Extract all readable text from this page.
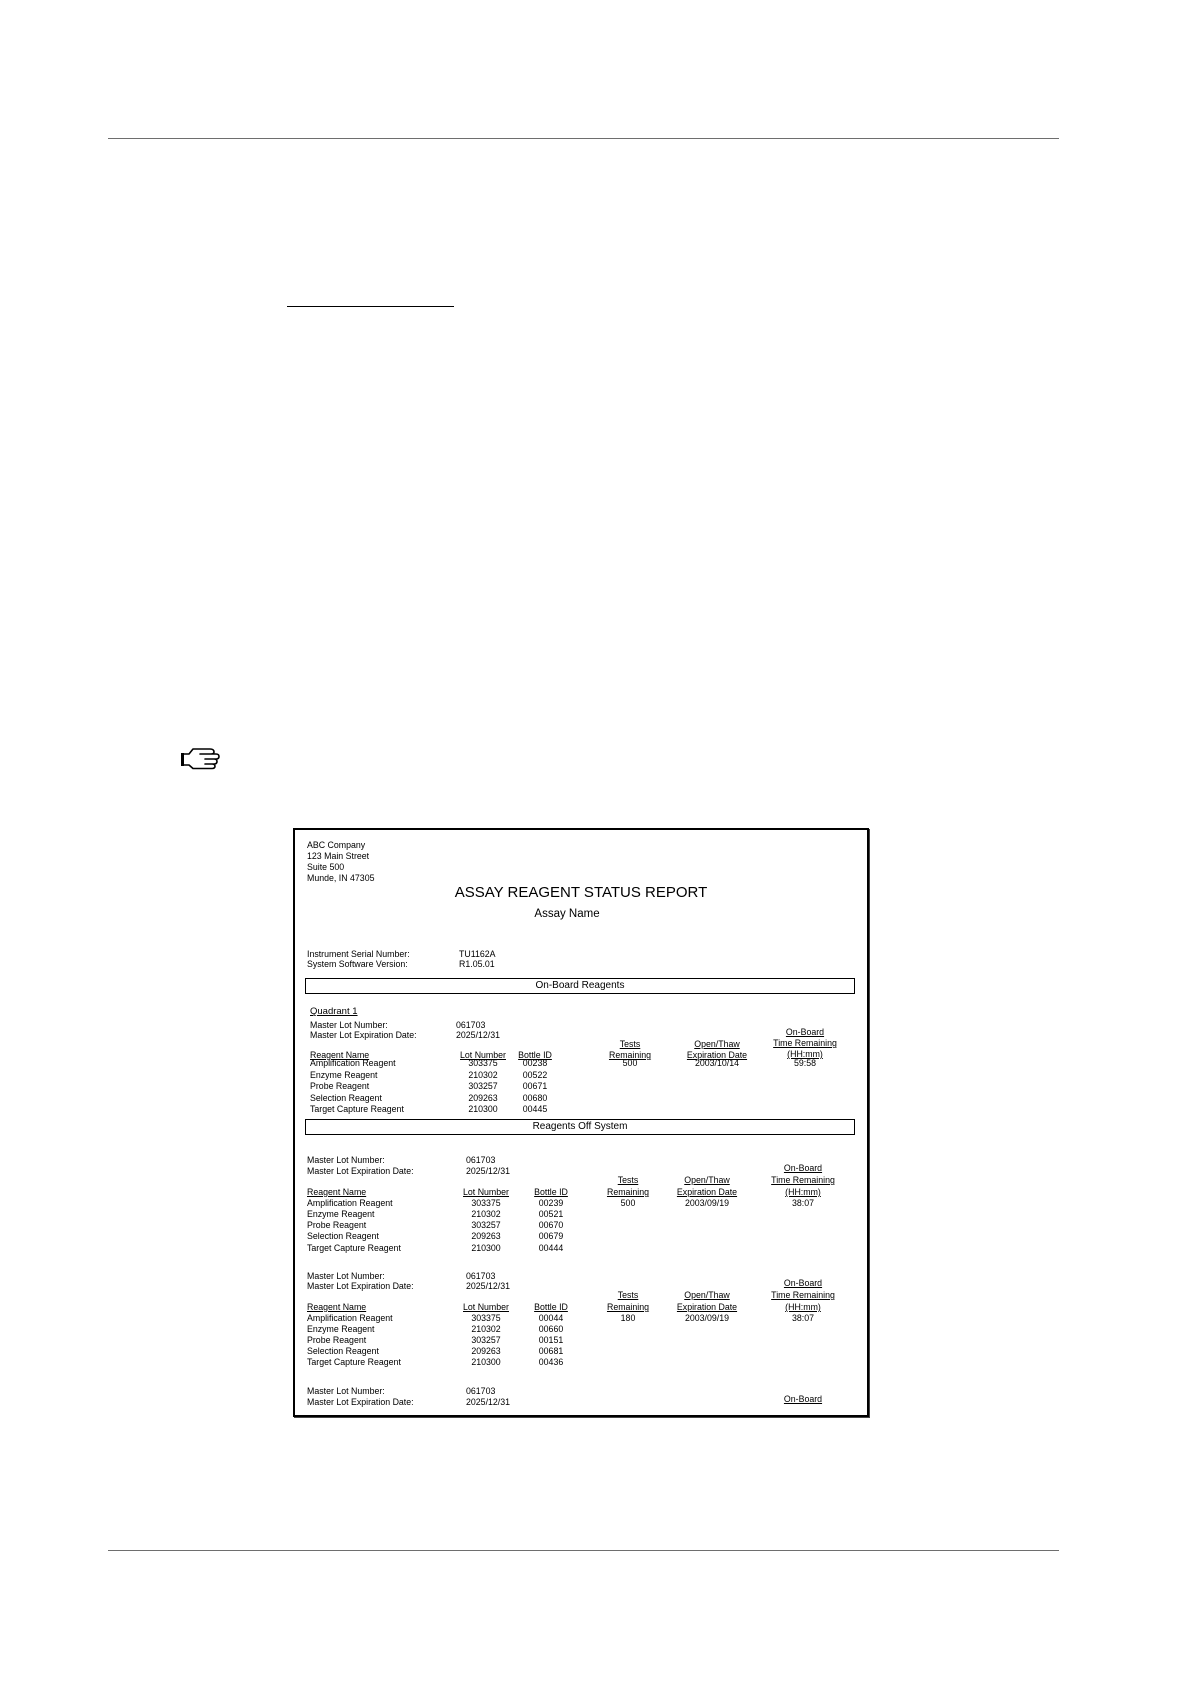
ABC Company
123 Main Street
Suite 500
Munde, IN 47305
ASSAY REAGENT STATUS REPORT
Assay Name
Instrument Serial Number:	TU1162A
System Software Version:	R1.05.01
On-Board Reagents
Quadrant 1
Master Lot Number:	061703
Master Lot Expiration Date:	2025/12/31	On-Board
Tests	Open/Thaw	Time Remaining
Reagent Name	Lot Number Bottle ID	Remaining	Expiration Date	(HH:mm)
Amplification Reagent	303375	00238	500	2003/10/14	59:58
Enzyme Reagent	210302	00522
Probe Reagent	303257	00671
Selection Reagent	209263	00680
Target Capture Reagent	210300	00445
Reagents Off System
Master Lot Number:	061703
Master Lot Expiration Date:	2025/12/31	On-Board
Tests	Open/Thaw	Time Remaining
Reagent Name	Lot Number	Bottle ID	Remaining	Expiration Date	(HH:mm)
Amplification Reagent	303375	00239	500	2003/09/19	38:07
Enzyme Reagent	210302	00521
Probe Reagent	303257	00670
Selection Reagent	209263	00679
Target Capture Reagent	210300	00444
Master Lot Number:	061703
Master Lot Expiration Date:	2025/12/31	On-Board
Tests	Open/Thaw	Time Remaining
Reagent Name	Lot Number	Bottle ID	Remaining	Expiration Date	(HH:mm)
Amplification Reagent	303375	00044	180	2003/09/19	38:07
Enzyme Reagent	210302	00660
Probe Reagent	303257	00151
Selection Reagent	209263	00681
Target Capture Reagent	210300	00436
Master Lot Number:	061703
Master Lot Expiration Date:	2025/12/31	On-Board
